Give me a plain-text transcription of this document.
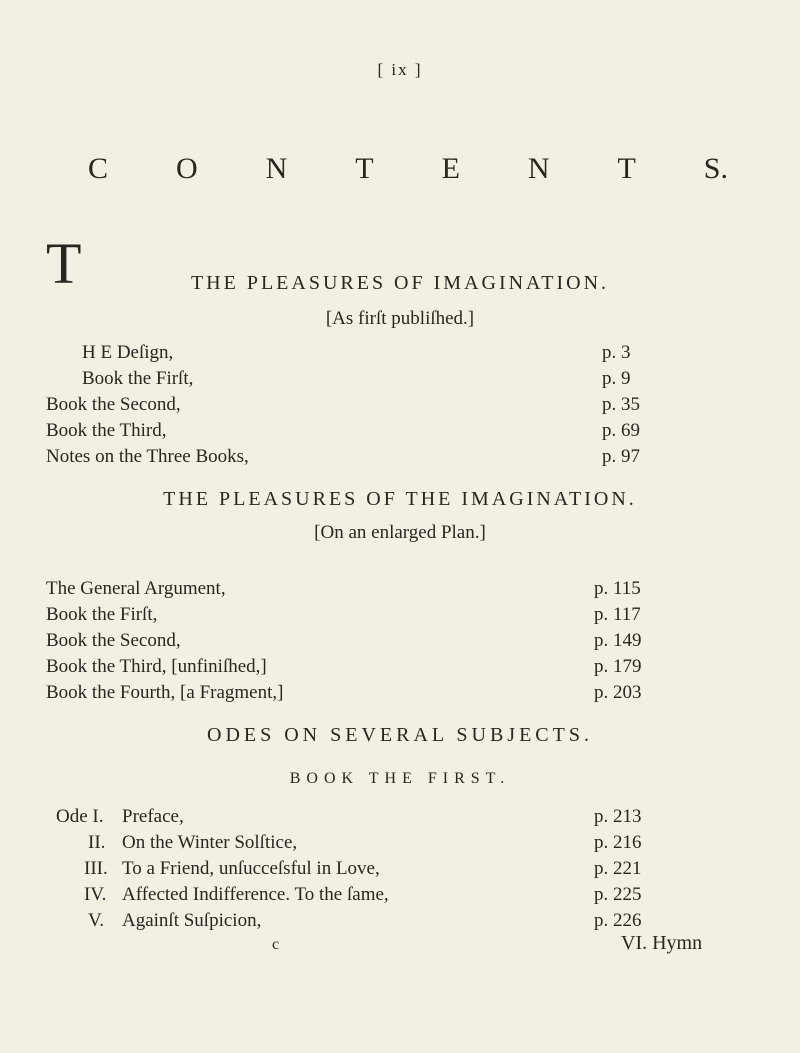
[ ix ]
C O N T E N T S.
THE PLEASURES OF IMAGINATION.
[As firſt publiſhed.]
T
H E Deſign,	p. 3
Book the Firſt,	p. 9
Book the Second,	p. 35
Book the Third,	p. 69
Notes on the Three Books,	p. 97
THE PLEASURES OF THE IMAGINATION.
[On an enlarged Plan.]
The General Argument,	p. 115
Book the Firſt,	p. 117
Book the Second,	p. 149
Book the Third, [unfiniſhed,]	p. 179
Book the Fourth, [a Fragment,]	p. 203
ODES ON SEVERAL SUBJECTS.
BOOK THE FIRST.
Ode I. Preface,	p. 213
II. On the Winter Solſtice,	p. 216
III. To a Friend, unſucceſsful in Love,	p. 221
IV. Affected Indifference. To the ſame,	p. 225
V. Againſt Suſpicion,	p. 226
c	VI. Hymn
